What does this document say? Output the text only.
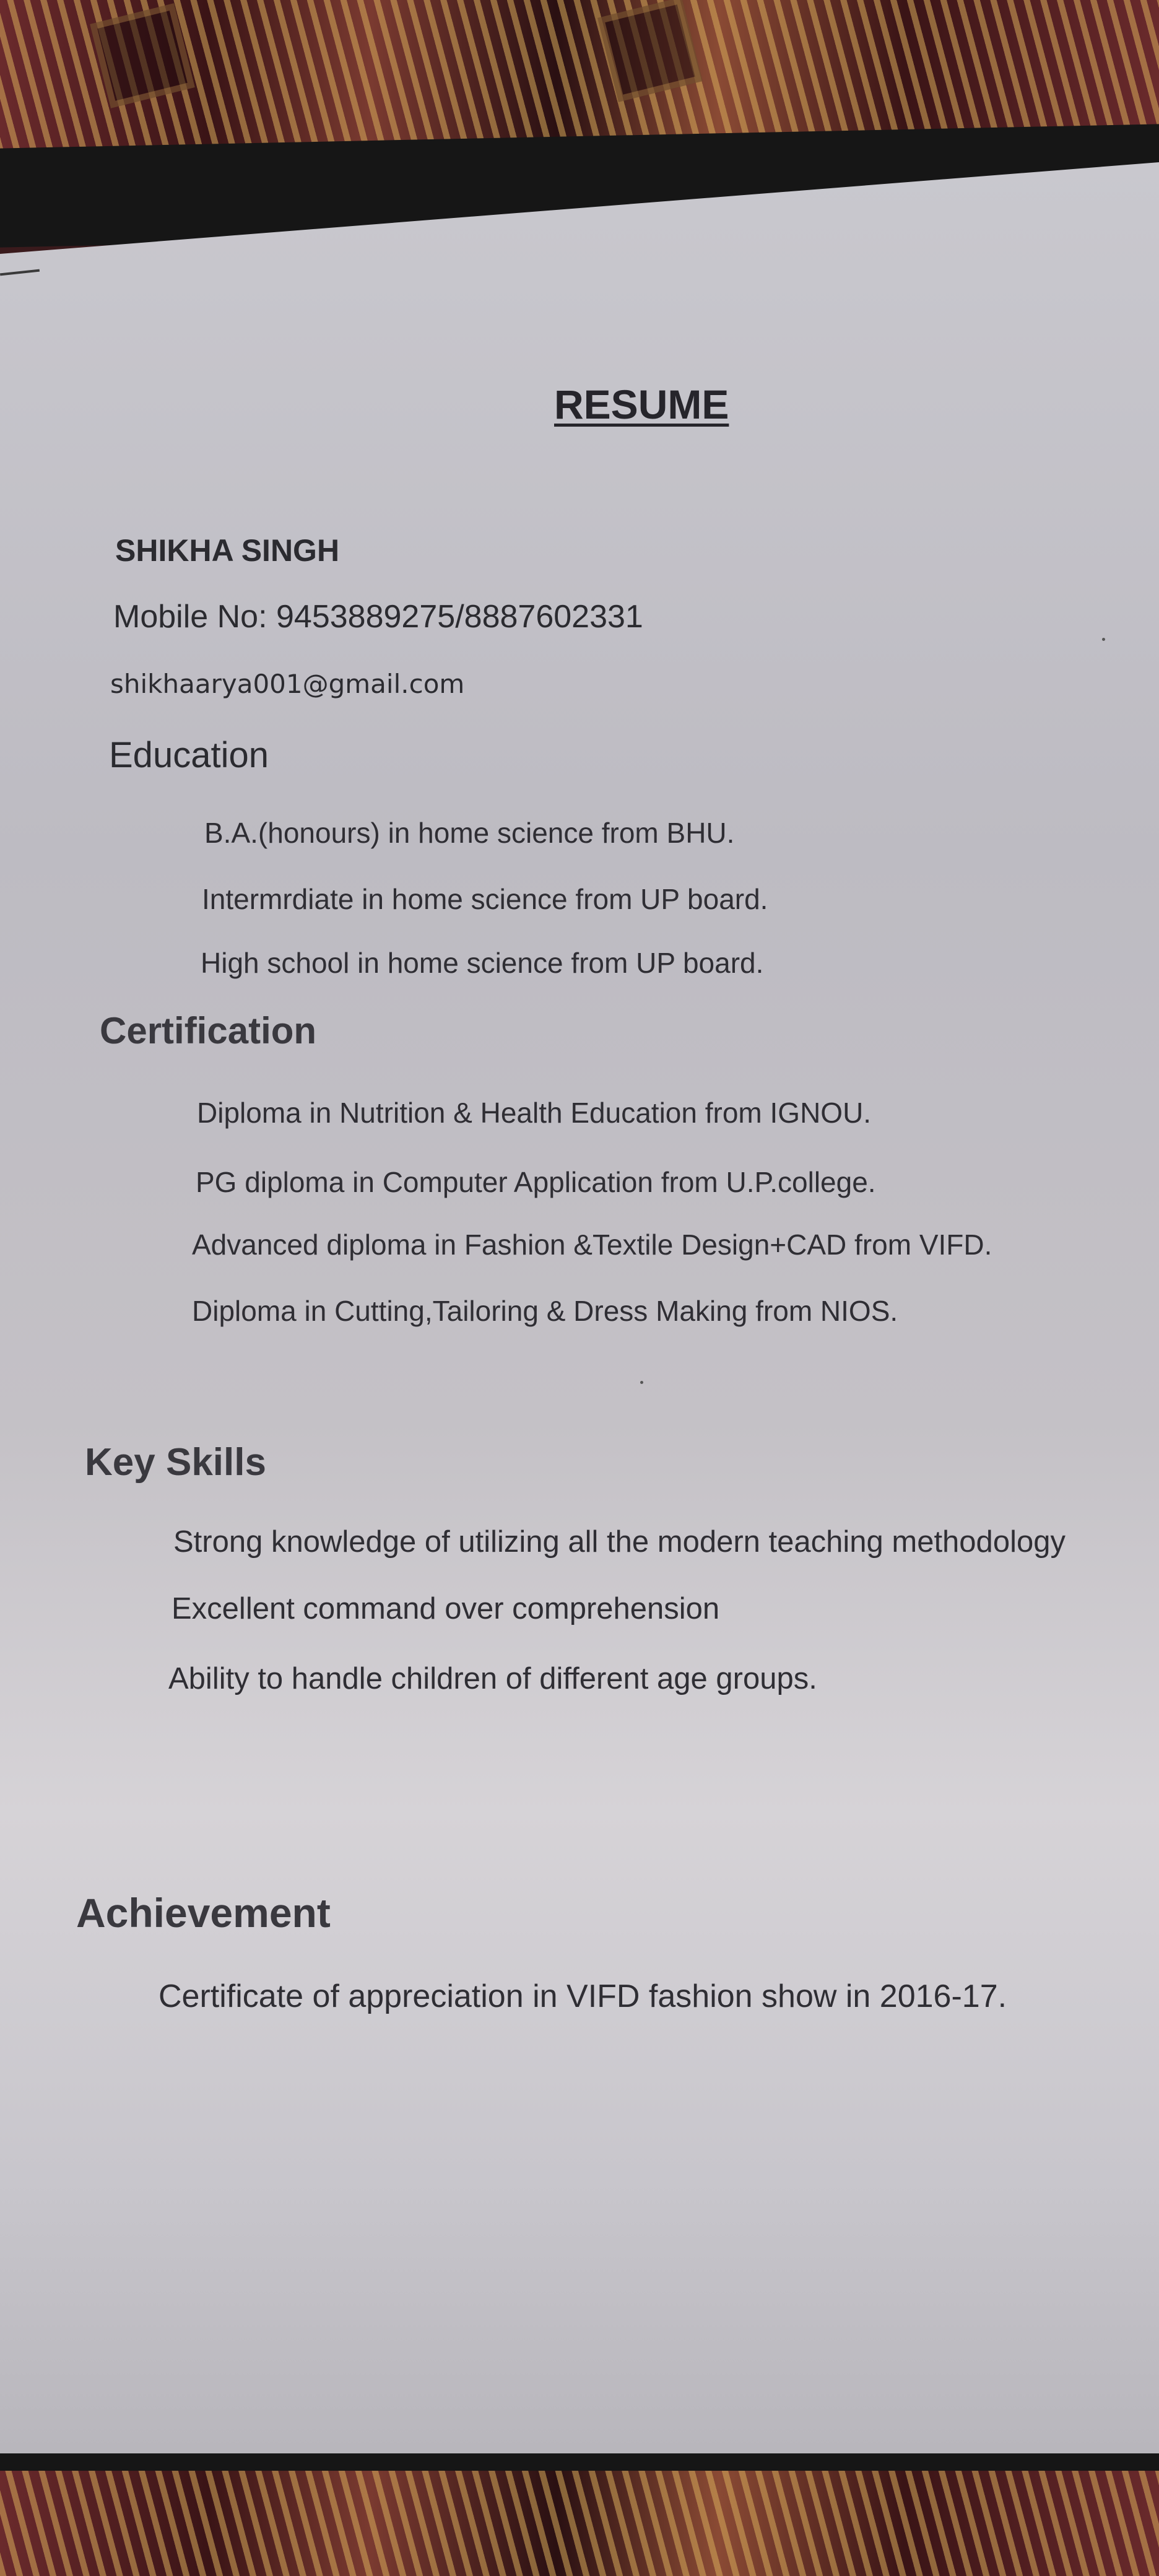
RESUME
SHIKHA SINGH
Mobile No: 9453889275/8887602331
shikhaarya001@gmail.com
Education
B.A.(honours) in home science from BHU.
Intermrdiate in home science from UP board.
High school in home science from UP board.
Certification
Diploma in Nutrition & Health Education from IGNOU.
PG diploma in Computer Application from U.P.college.
Advanced diploma in Fashion &Textile Design+CAD from VIFD.
Diploma in Cutting,Tailoring & Dress Making from NIOS.
Key Skills
Strong knowledge of utilizing all the modern teaching methodology
Excellent command over comprehension
Ability to handle children of different age groups.
Achievement
Certificate of appreciation in VIFD fashion show in 2016-17.
